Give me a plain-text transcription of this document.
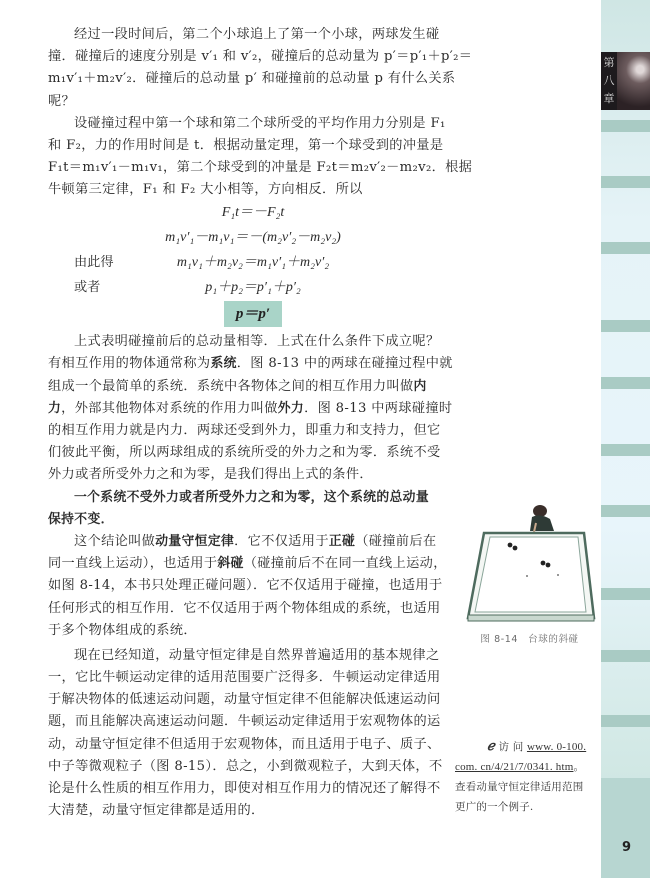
第
八
章
9
经过一段时间后，第二个小球追上了第一个小球，两球发生碰
撞．碰撞后的速度分别是 v′₁ 和 v′₂，碰撞后的总动量为 p′＝p′₁＋p′₂＝
m₁v′₁＋m₂v′₂．碰撞后的总动量 p′ 和碰撞前的总动量 p 有什么关系
呢？
设碰撞过程中第一个球和第二个球所受的平均作用力分别是 F₁
和 F₂，力的作用时间是 t．根据动量定理，第一个球受到的冲量是
F₁t＝m₁v′₁－m₁v₁，第二个球受到的冲量是 F₂t＝m₂v′₂－m₂v₂．根据
牛顿第三定律，F₁ 和 F₂ 大小相等，方向相反．所以
F₁t＝－F₂t
m₁v′₁－m₁v₁＝－(m₂v′₂－m₂v₂)
由此得	m₁v₁＋m₂v₂＝m₁v′₁＋m₂v′₂
或者	p₁＋p₂＝p′₁＋p′₂
p＝p′
上式表明碰撞前后的总动量相等．上式在什么条件下成立呢？
有相互作用的物体通常称为系统．图 8-13 中的两球在碰撞过程中就
组成一个最简单的系统．系统中各物体之间的相互作用力叫做内
力，外部其他物体对系统的作用力叫做外力．图 8-13 中两球碰撞时
的相互作用力就是内力．两球还受到外力，即重力和支持力，但它
们彼此平衡，所以两球组成的系统所受的外力之和为零．系统不受
外力或者所受外力之和为零，是我们得出上式的条件．
一个系统不受外力或者所受外力之和为零，这个系统的总动量
保持不变．
这个结论叫做动量守恒定律．它不仅适用于正碰（碰撞前后在
同一直线上运动），也适用于斜碰（碰撞前后不在同一直线上运动，
如图 8-14，本书只处理正碰问题）．它不仅适用于碰撞，也适用于
任何形式的相互作用．它不仅适用于两个物体组成的系统，也适用
于多个物体组成的系统．
现在已经知道，动量守恒定律是自然界普遍适用的基本规律之
一，它比牛顿运动定律的适用范围要广泛得多．牛顿运动定律适用
于解决物体的低速运动问题，动量守恒定律不但能解决低速运动问
题，而且能解决高速运动问题．牛顿运动定律适用于宏观物体的运
动，动量守恒定律不但适用于宏观物体，而且适用于电子、质子、
中子等微观粒子（图 8-15）．总之，小到微观粒子，大到天体，不
论是什么性质的相互作用力，即使对相互作用力的情况还了解得不
大清楚，动量守恒定律都是适用的．
图 8-14　台球的斜碰
ℯ 访 问 www. 0-100.
com. cn/4/21/7/0341. htm。
查看动量守恒定律适用范围
更广的一个例子.
